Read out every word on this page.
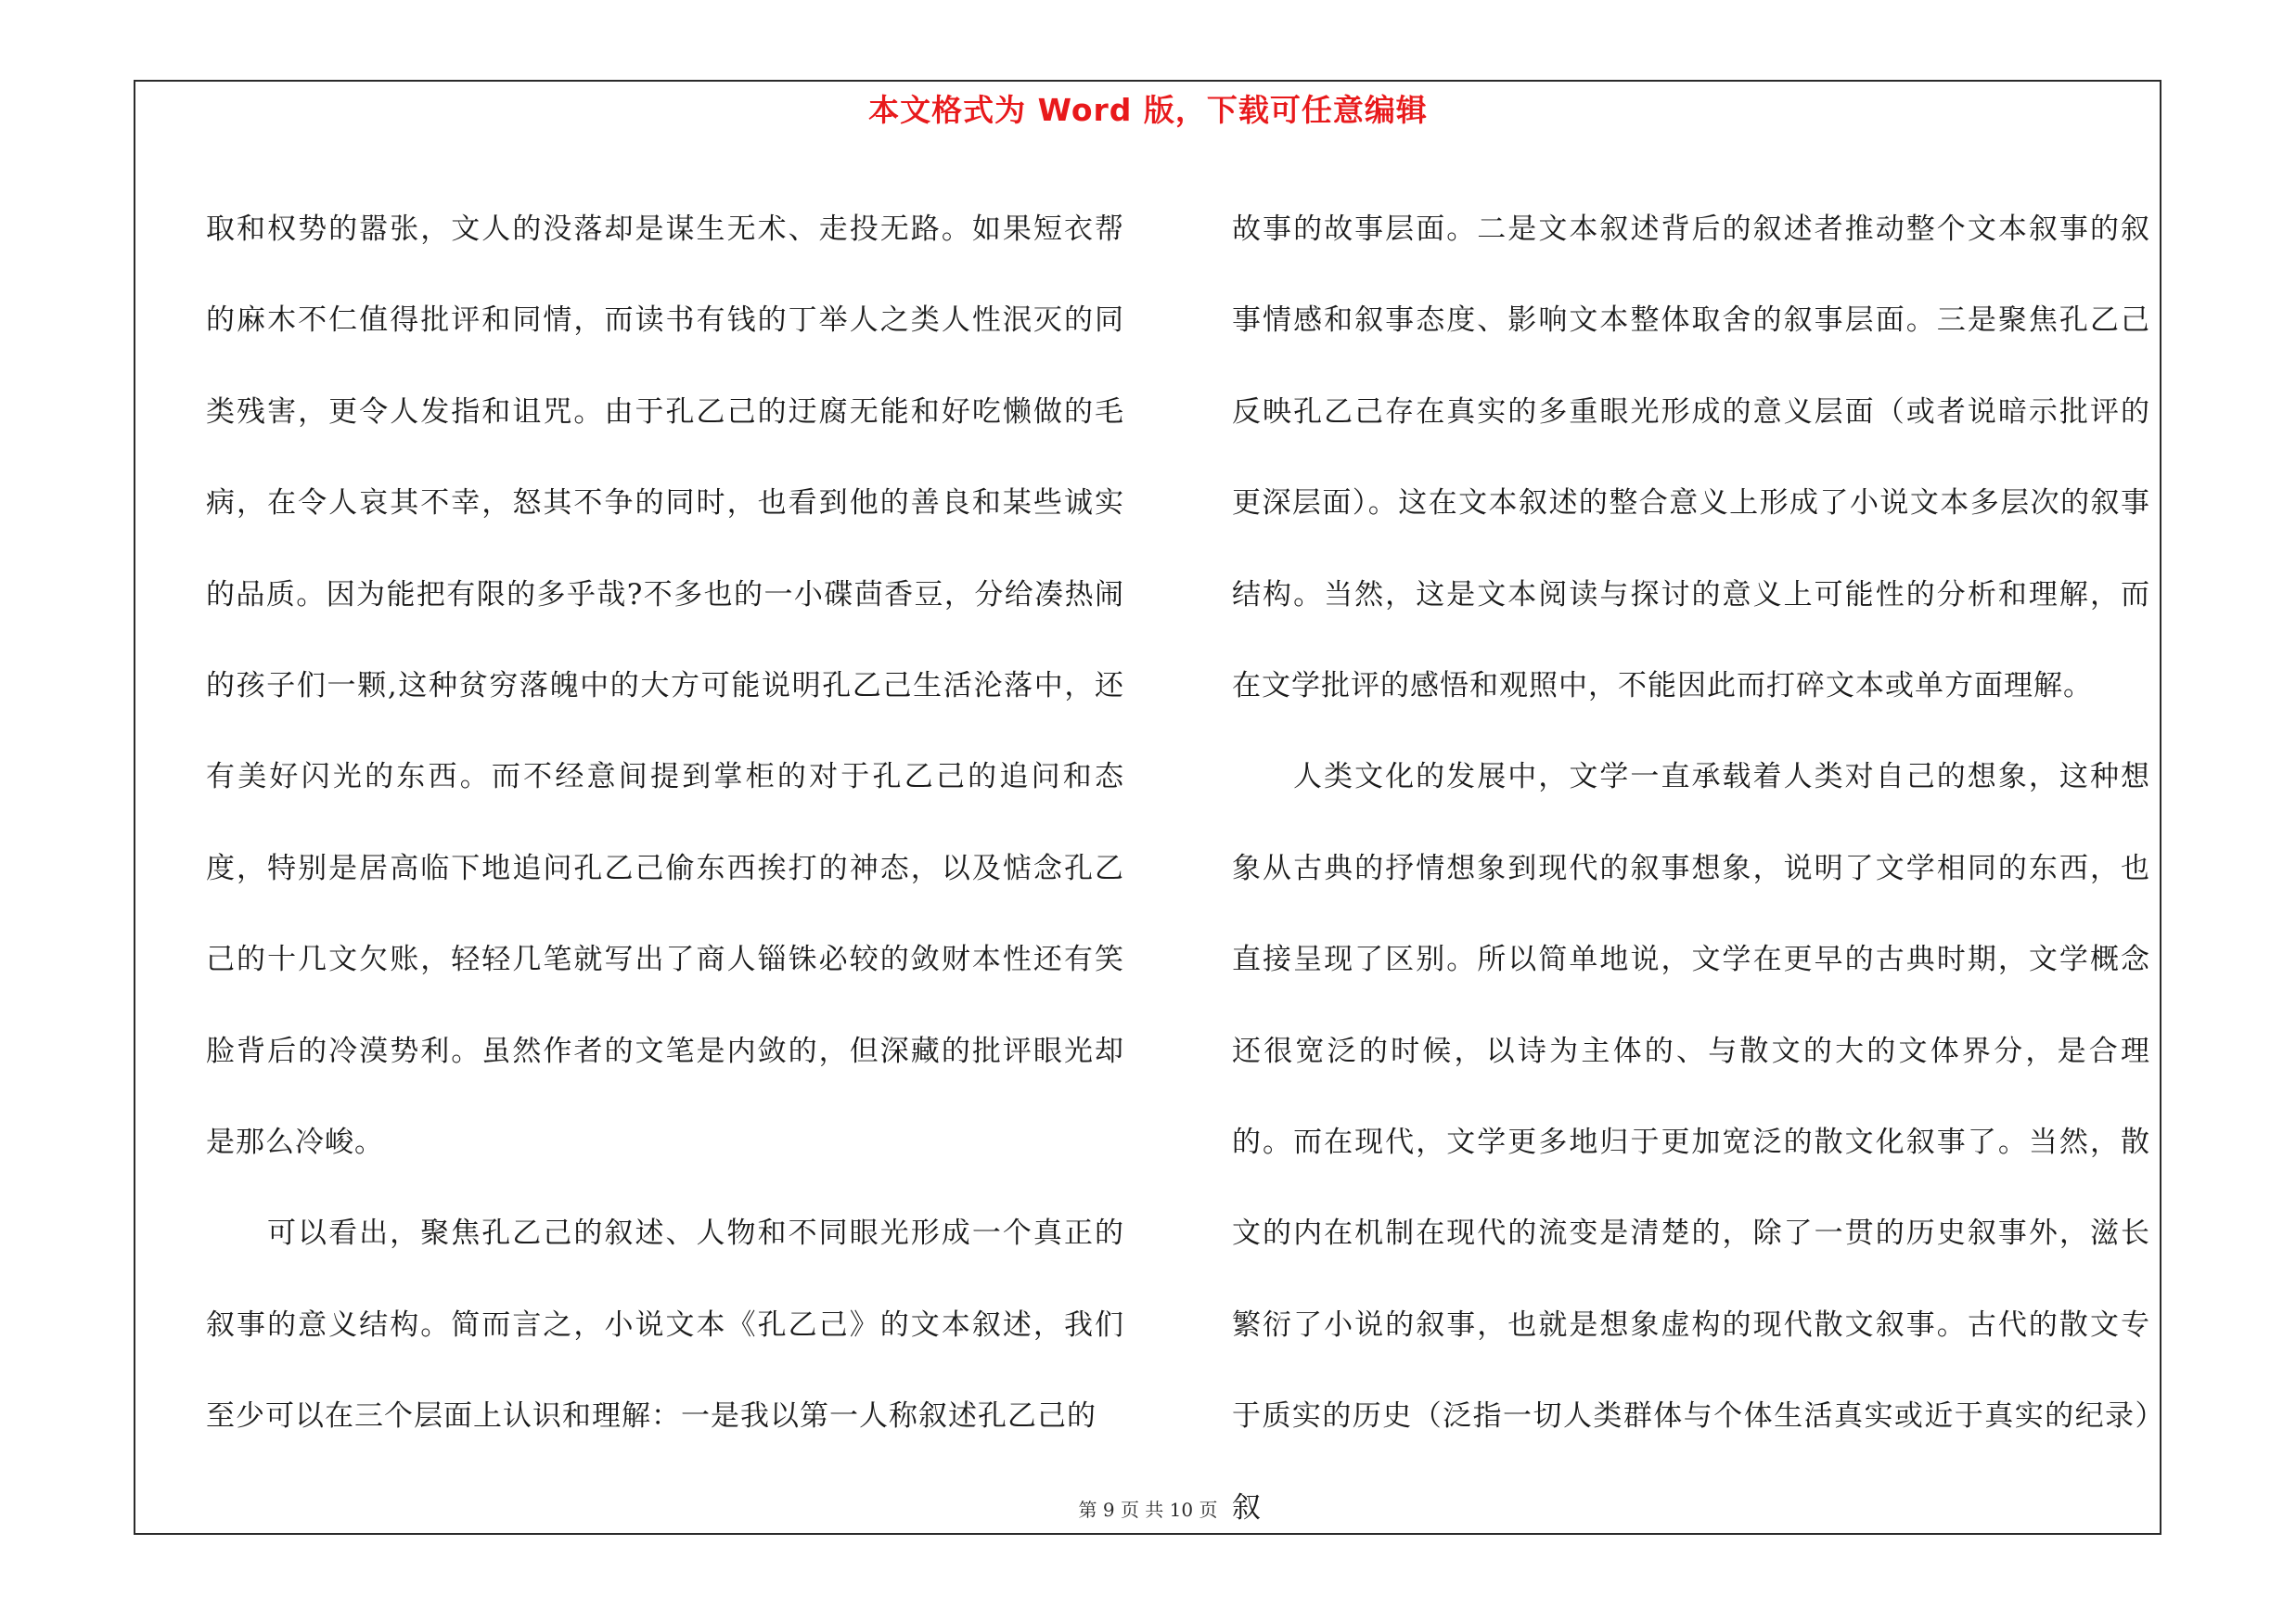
本文格式为 Word 版，下载可任意编辑

取和权势的嚣张，文人的没落却是谋生无术、走投无路。如果短衣帮的麻木不仁值得批评和同情，而读书有钱的丁举人之类人性泯灭的同类残害，更令人发指和诅咒。由于孔乙己的迂腐无能和好吃懒做的毛病，在令人哀其不幸，怒其不争的同时，也看到他的善良和某些诚实的品质。因为能把有限的多乎哉?不多也的一小碟茴香豆，分给凑热闹的孩子们一颗,这种贫穷落魄中的大方可能说明孔乙己生活沦落中，还有美好闪光的东西。而不经意间提到掌柜的对于孔乙己的追问和态度，特别是居高临下地追问孔乙己偷东西挨打的神态，以及惦念孔乙己的十几文欠账，轻轻几笔就写出了商人锱铢必较的敛财本性还有笑脸背后的冷漠势利。虽然作者的文笔是内敛的，但深藏的批评眼光却是那么冷峻。

可以看出，聚焦孔乙己的叙述、人物和不同眼光形成一个真正的叙事的意义结构。简而言之，小说文本《孔乙己》的文本叙述，我们至少可以在三个层面上认识和理解：一是我以第一人称叙述孔乙己的

故事的故事层面。二是文本叙述背后的叙述者推动整个文本叙事的叙事情感和叙事态度、影响文本整体取舍的叙事层面。三是聚焦孔乙己反映孔乙己存在真实的多重眼光形成的意义层面（或者说暗示批评的更深层面）。这在文本叙述的整合意义上形成了小说文本多层次的叙事结构。当然，这是文本阅读与探讨的意义上可能性的分析和理解，而在文学批评的感悟和观照中，不能因此而打碎文本或单方面理解。

人类文化的发展中，文学一直承载着人类对自己的想象，这种想象从古典的抒情想象到现代的叙事想象，说明了文学相同的东西，也直接呈现了区别。所以简单地说，文学在更早的古典时期，文学概念还很宽泛的时候，以诗为主体的、与散文的大的文体界分，是合理的。而在现代，文学更多地归于更加宽泛的散文化叙事了。当然，散文的内在机制在现代的流变是清楚的，除了一贯的历史叙事外，滋长繁衍了小说的叙事，也就是想象虚构的现代散文叙事。古代的散文专于质实的历史（泛指一切人类群体与个体生活真实或近于真实的纪录）叙

第 9 页 共 10 页
